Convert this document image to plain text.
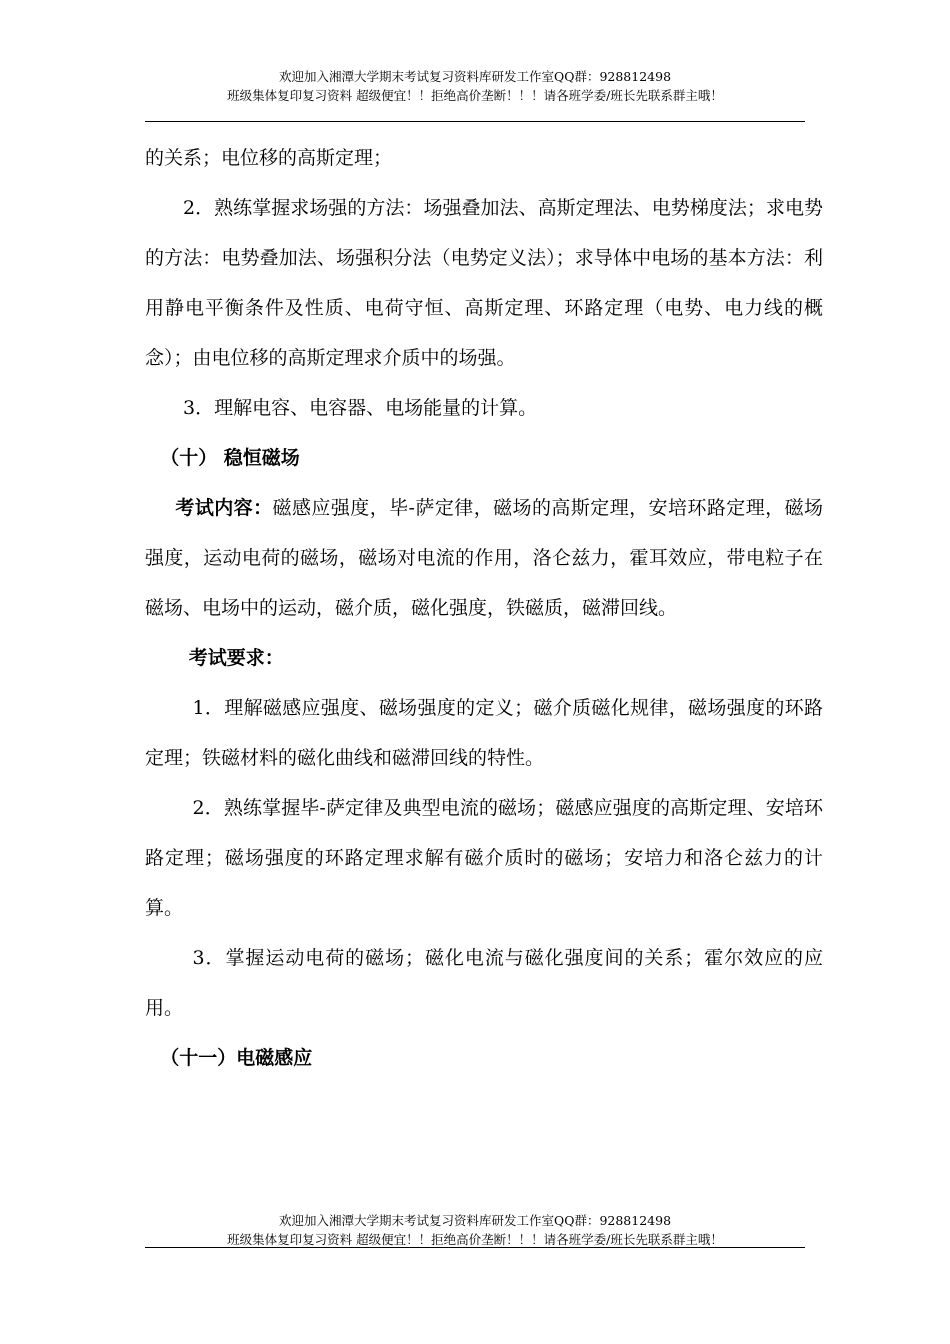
欢迎加入湘潭大学期末考试复习资料库研发工作室QQ群：928812498
班级集体复印复习资料 超级便宜！！拒绝高价垄断！！！请各班学委/班长先联系群主哦！

的关系；电位移的高斯定理；

2．熟练掌握求场强的方法：场强叠加法、高斯定理法、电势梯度法；求电势的方法：电势叠加法、场强积分法（电势定义法）；求导体中电场的基本方法：利用静电平衡条件及性质、电荷守恒、高斯定理、环路定理（电势、电力线的概念）；由电位移的高斯定理求介质中的场强。

3．理解电容、电容器、电场能量的计算。

（十） 稳恒磁场

考试内容：磁感应强度，毕-萨定律，磁场的高斯定理，安培环路定理，磁场强度，运动电荷的磁场，磁场对电流的作用，洛仑兹力，霍耳效应，带电粒子在磁场、电场中的运动，磁介质，磁化强度，铁磁质，磁滞回线。

考试要求：

1．理解磁感应强度、磁场强度的定义；磁介质磁化规律，磁场强度的环路定理；铁磁材料的磁化曲线和磁滞回线的特性。

2．熟练掌握毕-萨定律及典型电流的磁场；磁感应强度的高斯定理、安培环路定理；磁场强度的环路定理求解有磁介质时的磁场；安培力和洛仑兹力的计算。

3．掌握运动电荷的磁场；磁化电流与磁化强度间的关系；霍尔效应的应用。

（十一）电磁感应
欢迎加入湘潭大学期末考试复习资料库研发工作室QQ群：928812498
班级集体复印复习资料 超级便宜！！拒绝高价垄断！！！请各班学委/班长先联系群主哦！
